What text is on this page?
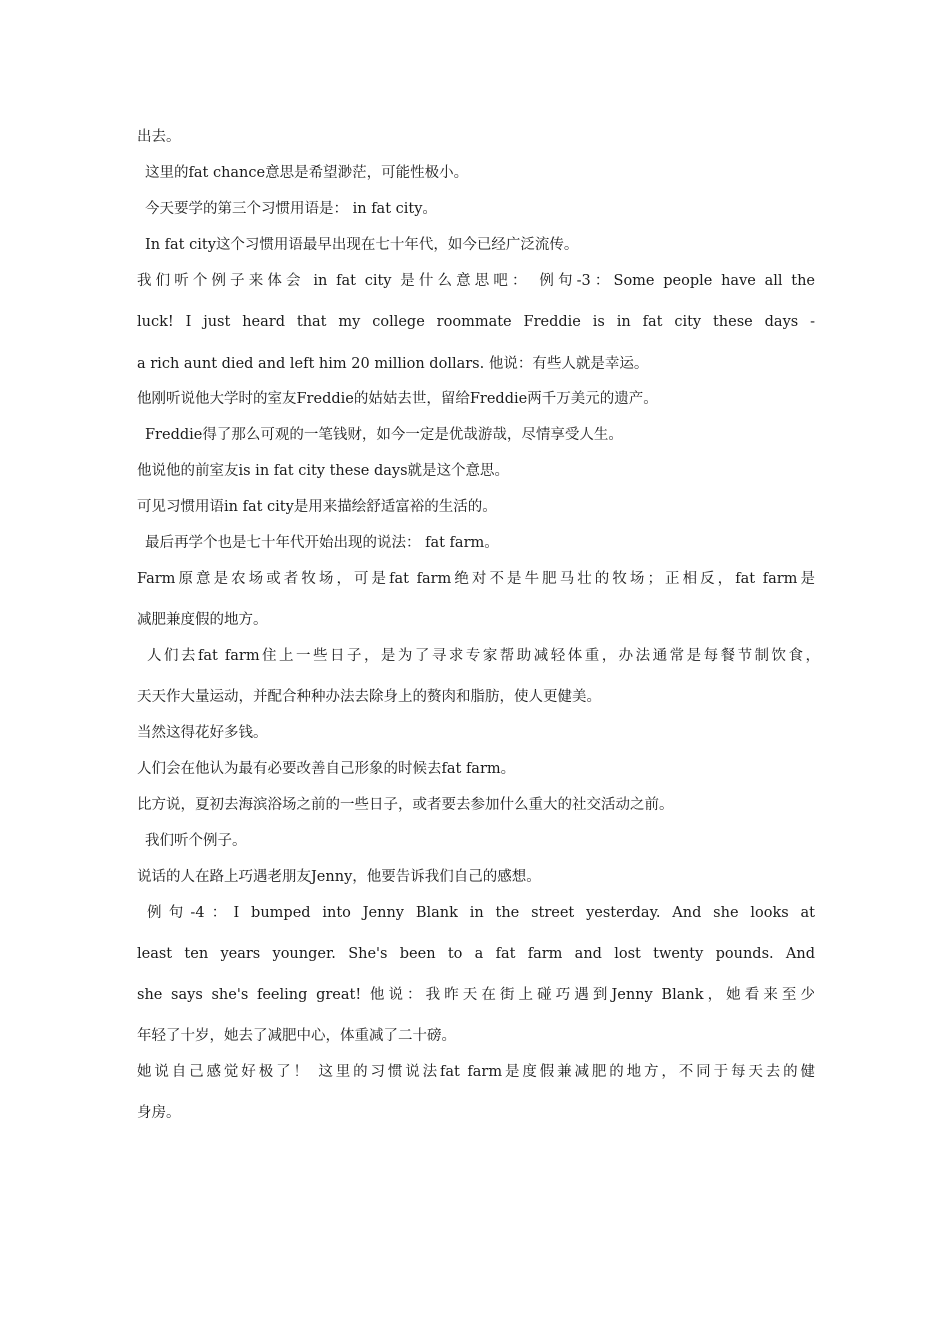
出去。
这里的fat chance意思是希望渺茫，可能性极小。
今天要学的第三个习惯用语是： in fat city。
In fat city这个习惯用语最早出现在七十年代，如今已经广泛流传。
我们听个例子来体会 in fat city 是什么意思吧： 例句-3：Some people have all the
luck! I just heard that my college roommate Freddie is in fat city these days -
a rich aunt died and left him 20 million dollars. 他说：有些人就是幸运。
他刚听说他大学时的室友Freddie的姑姑去世，留给Freddie两千万美元的遗产。
Freddie得了那么可观的一笔钱财，如今一定是优哉游哉，尽情享受人生。
他说他的前室友is in fat city these days就是这个意思。
可见习惯用语in fat city是用来描绘舒适富裕的生活的。
最后再学个也是七十年代开始出现的说法： fat farm。
Farm原意是农场或者牧场，可是fat farm绝对不是牛肥马壮的牧场；正相反，fat farm是
减肥兼度假的地方。
人们去fat farm住上一些日子，是为了寻求专家帮助减轻体重，办法通常是每餐节制饮食，
天天作大量运动，并配合种种办法去除身上的赘肉和脂肪，使人更健美。
当然这得花好多钱。
人们会在他认为最有必要改善自己形象的时候去fat farm。
比方说，夏初去海滨浴场之前的一些日子，或者要去参加什么重大的社交活动之前。
我们听个例子。
说话的人在路上巧遇老朋友Jenny，他要告诉我们自己的感想。
例句-4：I bumped into Jenny Blank in the street yesterday. And she looks at
least ten years younger. She's been to a fat farm and lost twenty pounds. And
she says she's feeling great! 他说：我昨天在街上碰巧遇到Jenny Blank，她看来至少
年轻了十岁，她去了减肥中心，体重减了二十磅。
她说自己感觉好极了！ 这里的习惯说法fat farm是度假兼减肥的地方，不同于每天去的健
身房。
